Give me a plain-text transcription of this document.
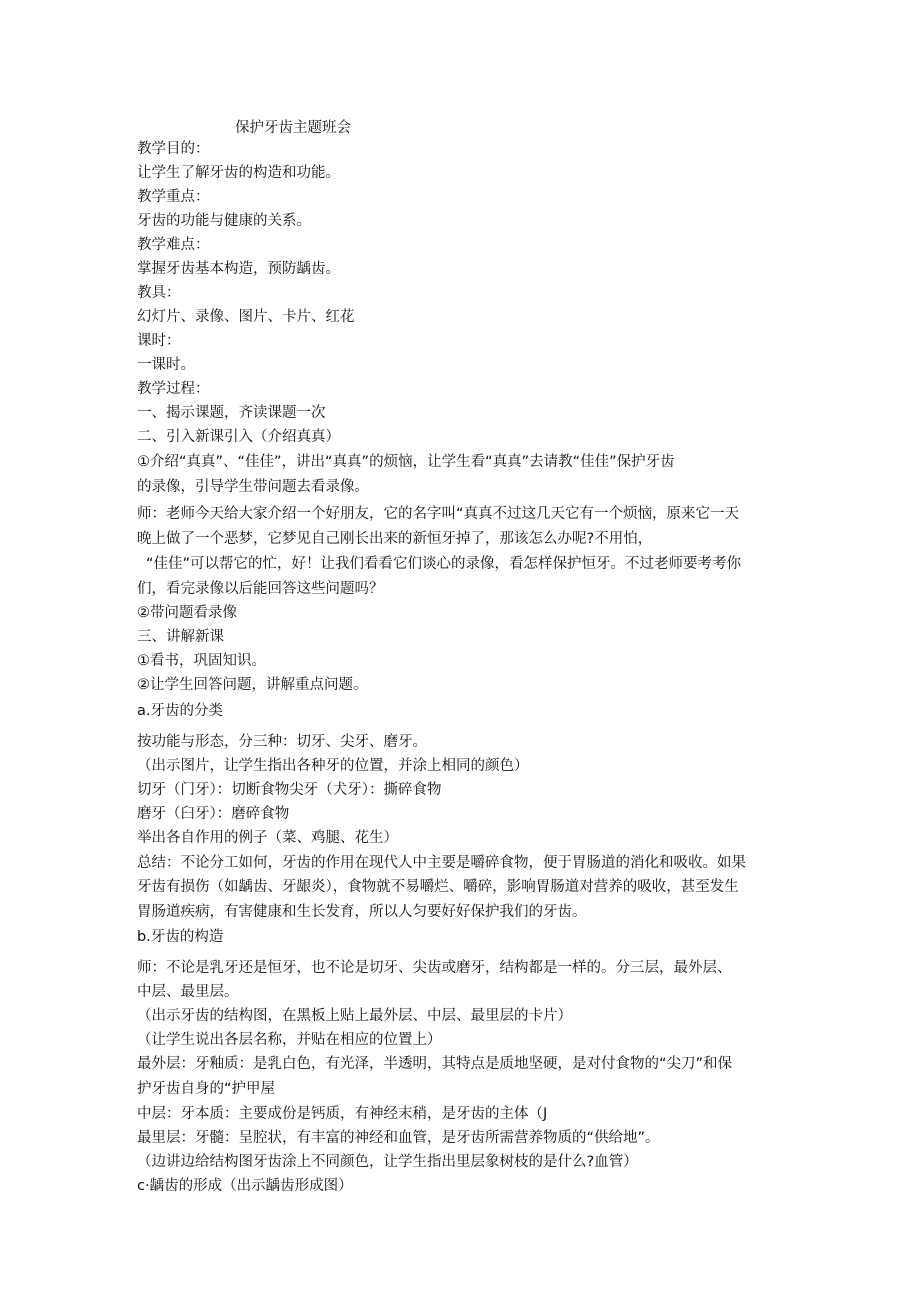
保护牙齿主题班会
教学目的：
让学生了解牙齿的构造和功能。
教学重点：
牙齿的功能与健康的关系。
教学难点：
掌握牙齿基本构造，预防龋齿。
教具：
幻灯片、录像、图片、卡片、红花
课时：
一课时。
教学过程：
一、揭示课题，齐读课题一次
二、引入新课引入（介绍真真）
①介绍“真真”、“佳佳”，讲出“真真”的烦恼，让学生看“真真”去请教“佳佳”保护牙齿
的录像，引导学生带问题去看录像。
师：老师今天给大家介绍一个好朋友，它的名字叫“真真不过这几天它有一个烦恼，原来它一天
晚上做了一个恶梦，它梦见自己刚长出来的新恒牙掉了，那该怎么办呢?不用怕，
“佳佳”可以帮它的忙，好！让我们看看它们谈心的录像，看怎样保护恒牙。不过老师要考考你
们，看完录像以后能回答这些问题吗？
②带问题看录像
三、讲解新课
①看书，巩固知识。
②让学生回答问题，讲解重点问题。
a.牙齿的分类
按功能与形态，分三种：切牙、尖牙、磨牙。
（出示图片，让学生指出各种牙的位置，并涂上相同的颜色）
切牙（门牙）：切断食物尖牙（犬牙）：撕碎食物
磨牙（臼牙）：磨碎食物
举出各自作用的例子（菜、鸡腿、花生）
总结：不论分工如何，牙齿的作用在现代人中主要是嚼碎食物，便于胃肠道的消化和吸收。如果
牙齿有损伤（如龋齿、牙龈炎），食物就不易嚼烂、嚼碎，影响胃肠道对营养的吸收，甚至发生
胃肠道疾病，有害健康和生长发育，所以人匀要好好保护我们的牙齿。
b.牙齿的构造
师：不论是乳牙还是恒牙，也不论是切牙、尖齿或磨牙，结构都是一样的。分三层，最外层、
中层、最里层。
（出示牙齿的结构图，在黑板上贴上最外层、中层、最里层的卡片）
（让学生说出各层名称，并贴在相应的位置上）
最外层：牙釉质：是乳白色，有光泽，半透明，其特点是质地坚硬，是对付食物的“尖刀”和保
护牙齿自身的“护甲屋
中层：牙本质：主要成份是钙质，有神经末稍，是牙齿的主体（J
最里层：牙髓：呈腔状，有丰富的神经和血管，是牙齿所需营养物质的“供给地”。
（边讲边给结构图牙齿涂上不同颜色，让学生指出里层象树枝的是什么?血管）
c·龋齿的形成（出示龋齿形成图）
